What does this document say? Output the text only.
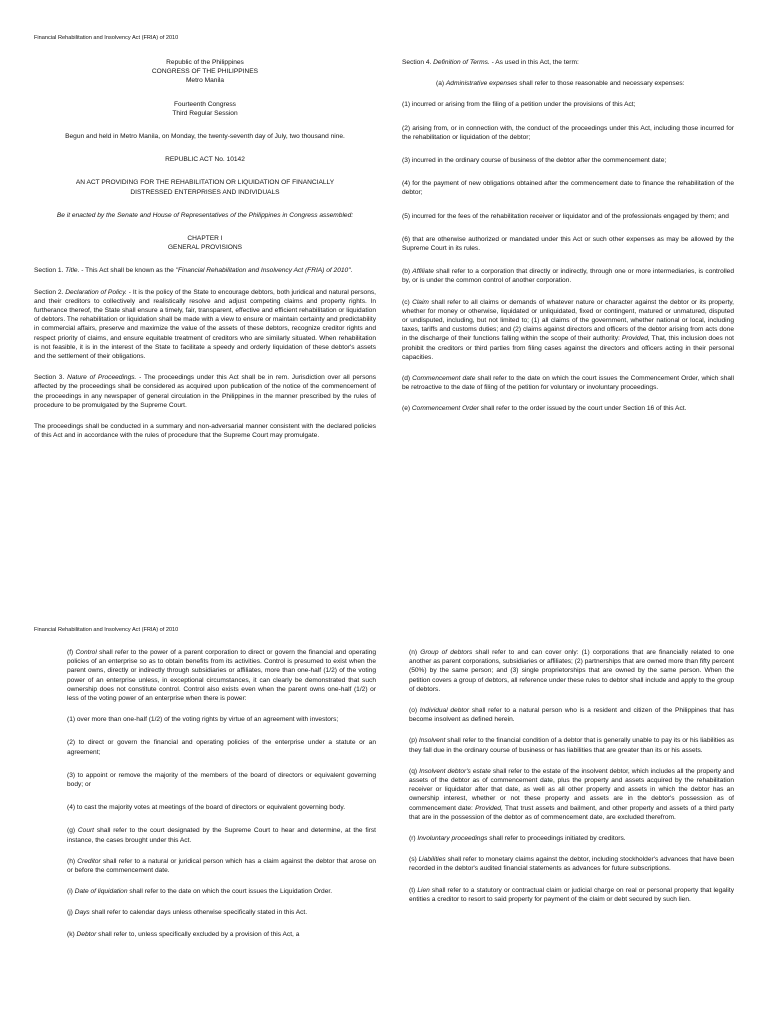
Financial Rehabilitation and Insolvency Act (FRIA) of 2010
Republic of the Philippines
CONGRESS OF THE PHILIPPINES
Metro Manila
Fourteenth Congress
Third Regular Session
Begun and held in Metro Manila, on Monday, the twenty-seventh day of July, two thousand nine.
REPUBLIC ACT No. 10142
AN ACT PROVIDING FOR THE REHABILITATION OR LIQUIDATION OF FINANCIALLY DISTRESSED ENTERPRISES AND INDIVIDUALS
Be it enacted by the Senate and House of Representatives of the Philippines in Congress assembled:
CHAPTER I
GENERAL PROVISIONS

Section 1. Title. - This Act shall be known as the "Financial Rehabilitation and Insolvency Act (FRIA) of 2010".

Section 2. Declaration of Policy. - It is the policy of the State to encourage debtors, both juridical and natural persons, and their creditors to collectively and realistically resolve and adjust competing claims and property rights. In furtherance thereof, the State shall ensure a timely, fair, transparent, effective and efficient rehabilitation or liquidation of debtors. The rehabilitation or liquidation shall be made with a view to ensure or maintain certainty and predictability in commercial affairs, preserve and maximize the value of the assets of these debtors, recognize creditor rights and respect priority of claims, and ensure equitable treatment of creditors who are similarly situated. When rehabilitation is not feasible, it is in the interest of the State to facilitate a speedy and orderly liquidation of these debtor's assets and the settlement of their obligations.

Section 3. Nature of Proceedings. - The proceedings under this Act shall be in rem. Jurisdiction over all persons affected by the proceedings shall be considered as acquired upon publication of the notice of the commencement of the proceedings in any newspaper of general circulation in the Philippines in the manner prescribed by the rules of procedure to be promulgated by the Supreme Court.

The proceedings shall be conducted in a summary and non-adversarial manner consistent with the declared policies of this Act and in accordance with the rules of procedure that the Supreme Court may promulgate.

Section 4. Definition of Terms. - As used in this Act, the term:

(a) Administrative expenses shall refer to those reasonable and necessary expenses:

(1) incurred or arising from the filing of a petition under the provisions of this Act;
(2) arising from, or in connection with, the conduct of the proceedings under this Act, including those incurred for the rehabilitation or liquidation of the debtor;
(3) incurred in the ordinary course of business of the debtor after the commencement date;
(4) for the payment of new obligations obtained after the commencement date to finance the rehabilitation of the debtor;
(5) incurred for the fees of the rehabilitation receiver or liquidator and of the professionals engaged by them; and
(6) that are otherwise authorized or mandated under this Act or such other expenses as may be allowed by the Supreme Court in its rules.

(b) Affiliate shall refer to a corporation that directly or indirectly, through one or more intermediaries, is controlled by, or is under the common control of another corporation.

(c) Claim shall refer to all claims or demands of whatever nature or character against the debtor or its property, whether for money or otherwise, liquidated or unliquidated, fixed or contingent, matured or unmatured, disputed or undisputed, including, but not limited to; (1) all claims of the government, whether national or local, including taxes, tariffs and customs duties; and (2) claims against directors and officers of the debtor arising from acts done in the discharge of their functions falling within the scope of their authority: Provided, That, this inclusion does not prohibit the creditors or third parties from filing cases against the directors and officers acting in their personal capacities.

(d) Commencement date shall refer to the date on which the court issues the Commencement Order, which shall be retroactive to the date of filing of the petition for voluntary or involuntary proceedings.

(e) Commencement Order shall refer to the order issued by the court under Section 16 of this Act.

Financial Rehabilitation and Insolvency Act (FRIA) of 2010

(f) Control shall refer to the power of a parent corporation to direct or govern the financial and operating policies of an enterprise so as to obtain benefits from its activities. Control is presumed to exist when the parent owns, directly or indirectly through subsidiaries or affiliates, more than one-half (1/2) of the voting power of an enterprise unless, in exceptional circumstances, it can clearly be demonstrated that such ownership does not constitute control. Control also exists even when the parent owns one-half (1/2) or less of the voting power of an enterprise when there is power:

(1) over more than one-half (1/2) of the voting rights by virtue of an agreement with investors;
(2) to direct or govern the financial and operating policies of the enterprise under a statute or an agreement;
(3) to appoint or remove the majority of the members of the board of directors or equivalent governing body; or
(4) to cast the majority votes at meetings of the board of directors or equivalent governing body.

(g) Court shall refer to the court designated by the Supreme Court to hear and determine, at the first instance, the cases brought under this Act.

(h) Creditor shall refer to a natural or juridical person which has a claim against the debtor that arose on or before the commencement date.

(i) Date of liquidation shall refer to the date on which the court issues the Liquidation Order.

(j) Days shall refer to calendar days unless otherwise specifically stated in this Act.

(k) Debtor shall refer to, unless specifically excluded by a provision of this Act, a

(n) Group of debtors shall refer to and can cover only: (1) corporations that are financially related to one another as parent corporations, subsidiaries or affiliates; (2) partnerships that are owned more than fifty percent (50%) by the same person; and (3) single proprietorships that are owned by the same person. When the petition covers a group of debtors, all reference under these rules to debtor shall include and apply to the group of debtors.

(o) Individual debtor shall refer to a natural person who is a resident and citizen of the Philippines that has become insolvent as defined herein.

(p) Insolvent shall refer to the financial condition of a debtor that is generally unable to pay its or his liabilities as they fall due in the ordinary course of business or has liabilities that are greater than its or his assets.

(q) Insolvent debtor's estate shall refer to the estate of the insolvent debtor, which includes all the property and assets of the debtor as of commencement date, plus the property and assets acquired by the rehabilitation receiver or liquidator after that date, as well as all other property and assets in which the debtor has an ownership interest, whether or not these property and assets are in the debtor's possession as of commencement date: Provided, That trust assets and bailment, and other property and assets of a third party that are in the possession of the debtor as of commencement date, are excluded therefrom.

(r) Involuntary proceedings shall refer to proceedings initiated by creditors.

(s) Liabilities shall refer to monetary claims against the debtor, including stockholder's advances that have been recorded in the debtor's audited financial statements as advances for future subscriptions.

(t) Lien shall refer to a statutory or contractual claim or judicial charge on real or personal property that legality entities a creditor to resort to said property for payment of the claim or debt secured by such lien.
